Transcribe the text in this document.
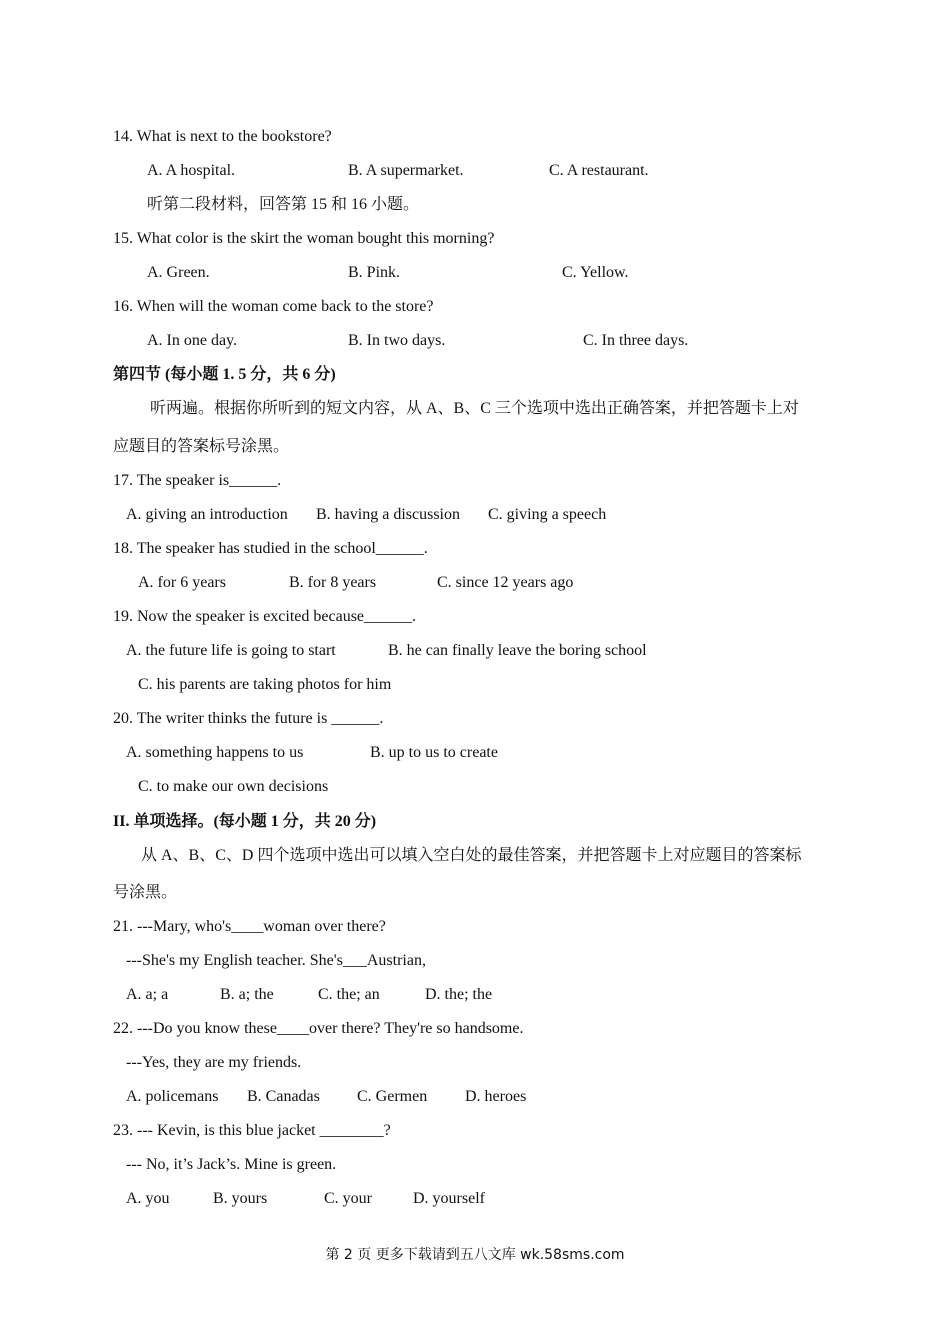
14. What is next to the bookstore?
A. A hospital.	B. A supermarket.	C. A restaurant.
听第二段材料，回答第 15 和 16 小题。
15. What color is the skirt the woman bought this morning?
A. Green.	B. Pink.	C. Yellow.
16. When will the woman come back to the store?
A. In one day.	B. In two days.	C. In three days.
第四节 (每小题 1. 5 分，共 6 分)
听两遍。根据你所听到的短文内容，从 A、B、C 三个选项中选出正确答案，并把答题卡上对
应题目的答案标号涂黑。
17. The speaker is______.
A. giving an introduction B. having a discussion C. giving a speech
18. The speaker has studied in the school______.
A. for 6 years	B. for 8 years	C. since 12 years ago
19. Now the speaker is excited because______.
A. the future life is going to start	B. he can finally leave the boring school
C. his parents are taking photos for him
20. The writer thinks the future is ______.
A. something happens to us	B. up to us to create
C. to make our own decisions
II. 单项选择。(每小题 1 分，共 20 分)
从 A、B、C、D 四个选项中选出可以填入空白处的最佳答案，并把答题卡上对应题目的答案标
号涂黑。
21. ---Mary, who's____woman over there?
---She's my English teacher. She's___Austrian,
A. a; a	B. a; the	C. the; an	D. the; the
22. ---Do you know these____over there? They're so handsome.
---Yes, they are my friends.
A. policemans B. Canadas C. Germen D. heroes
23. --- Kevin, is this blue jacket ________?
--- No, it’s Jack’s. Mine is green.
A. you	B. yours	C. your	D. yourself
第 2 页 更多下载请到五八文库 wk.58sms.com
